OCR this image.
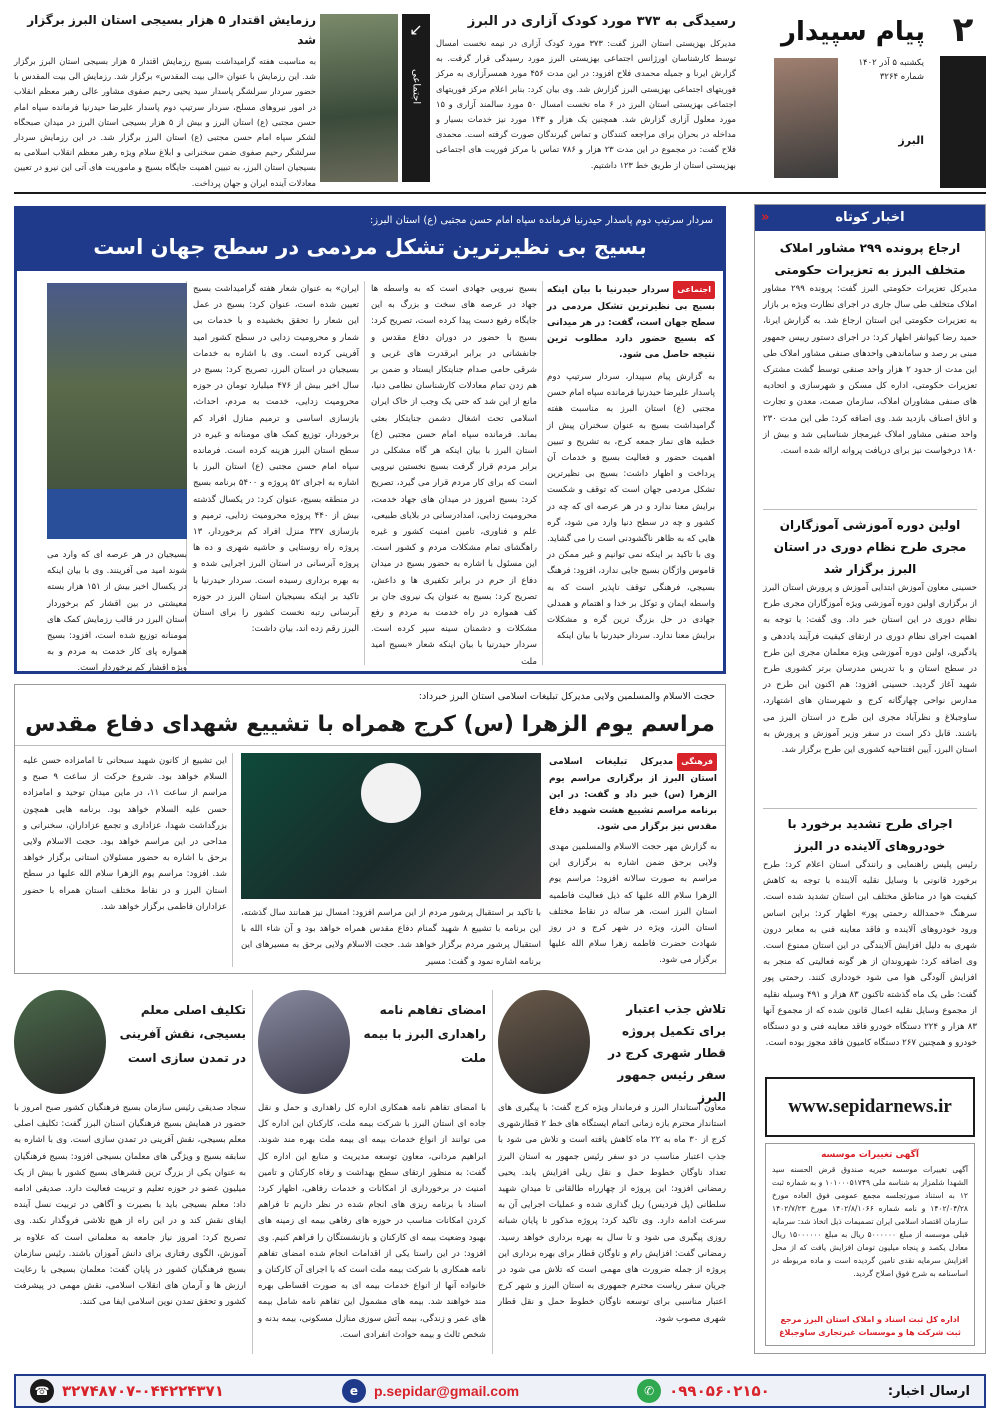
۲
پیام سپیدار
یکشنبه ۵ آذر ۱۴۰۲
شماره ۳۲۶۴
البرز
↙
اجتماعی
رسیدگی به ۳۷۳ مورد کودک آزاری در البرز
مدیرکل بهزیستی استان البرز گفت: ۳۷۳ مورد کودک آزاری در نیمه نخست امسال توسط کارشناسان اورژانس اجتماعی بهزیستی البرز مورد رسیدگی قرار گرفت. به گزارش ایرنا و جمیله محمدی فلاح افزود: در این مدت ۴۵۶ مورد همسرآزاری به مرکز فوریتهای اجتماعی بهزیستی البرز گزارش شد. وی بیان کرد: بنابر اعلام مرکز فوریتهای اجتماعی بهزیستی استان البرز در ۶ ماه نخست امسال ۵۰ مورد سالمند آزاری و ۱۵ مورد معلول آزاری گزارش شد. همچنین یک هزار و ۱۴۳ مورد نیز خدمات بسیار و مداخله در بحران برای مراجعه کنندگان و تماس گیرندگان صورت گرفته است. محمدی فلاح گفت: در مجموع در این مدت ۲۳ هزار و ۷۸۶ تماس با مرکز فوریت های اجتماعی بهزیستی استان از طریق خط ۱۲۳ داشتیم.
رزمایش اقتدار ۵ هزار بسیجی استان البرز برگزار شد
به مناسبت هفته گرامیداشت بسیج رزمایش اقتدار ۵ هزار بسیجی استان البرز برگزار شد. این رزمایش با عنوان «الی بیت المقدس» برگزار شد. رزمایش الی بیت المقدس با حضور سردار سرلشگر پاسدار سید یحیی رحیم صفوی مشاور عالی رهبر معظم انقلاب در امور نیروهای مسلح، سردار سرتیپ دوم پاسدار علیرضا حیدرنیا فرمانده سپاه امام حسن مجتبی (ع) استان البرز و بیش از ۵ هزار بسیجی استان البرز در میدان صبحگاه لشکر سپاه امام حسن مجتبی (ع) استان البرز برگزار شد. در این رزمایش سردار سرلشگر رحیم صفوی ضمن سخنرانی و ابلاغ سلام ویژه رهبر معظم انقلاب اسلامی به بسیجیان استان البرز، به تبیین اهمیت جایگاه بسیج و ماموریت های آتی این نیرو در تعیین معادلات آینده ایران و جهان پرداخت.
اخبار کوتاه
«
ارجاع پرونده ۲۹۹ مشاور املاک متخلف البرز به تعزیرات حکومتی
مدیرکل تعزیرات حکومتی البرز گفت: پرونده ۲۹۹ مشاور املاک متخلف طی سال جاری در اجرای نظارت ویژه بر بازار به تعزیرات حکومتی این استان ارجاع شد. به گزارش ایرنا، حمید رضا کیوانفر اظهار کرد: در اجرای دستور رییس جمهور مبنی بر رصد و ساماندهی واحدهای صنفی مشاور املاک طی این مدت از حدود ۲ هزار واحد صنفی توسط گشت مشترک تعزیرات حکومتی، اداره کل مسکن و شهرسازی و اتحادیه های صنفی مشاوران املاک، سازمان صمت، معدن و تجارت و اتاق اصناف بازدید شد. وی اضافه کرد: طی این مدت ۲۳۰ واحد صنفی مشاور املاک غیرمجاز شناسایی شد و بیش از ۱۸۰ درخواست نیز برای دریافت پروانه ارائه شده است.
اولین دوره آموزشی آموزگاران مجری طرح نظام دوری در استان البرز برگزار شد
حسینی معاون آموزش ابتدایی آموزش و پرورش استان البرز از برگزاری اولین دوره آموزشی ویژه آموزگاران مجری طرح نظام دوری در این استان خبر داد. وی گفت: با توجه به اهمیت اجرای نظام دوری در ارتقای کیفیت فرآیند یاددهی و یادگیری، اولین دوره آموزشی ویژه معلمان مجری این طرح در سطح استان و با تدریس مدرسان برتر کشوری طرح شهید آغاز گردید. حسینی افزود: هم اکنون این طرح در مدارس نواحی چهارگانه کرج و شهرستان های اشتهارد، ساوجبلاغ و نظرآباد مجری این طرح در استان البرز می باشند. قابل ذکر است در سفر وزیر آموزش و پرورش به استان البرز، آیین افتتاحیه کشوری این طرح برگزار شد.
اجرای طرح تشدید برخورد با خودروهای آلاینده در البرز
رئیس پلیس راهنمایی و رانندگی استان اعلام کرد: طرح برخورد قانونی با وسایل نقلیه آلاینده با توجه به کاهش کیفیت هوا در مناطق مختلف این استان تشدید شده است. سرهنگ «حمدالله رحمتی پور» اظهار کرد: براین اساس ورود خودروهای آلاینده و فاقد معاینه فنی به معابر درون شهری به دلیل افزایش آلایندگی در این استان ممنوع است. وی اضافه کرد: شهروندان از هر گونه فعالیتی که منجر به افزایش آلودگی هوا می شود خودداری کنند. رحمتی پور گفت: طی یک ماه گذشته تاکنون ۸۳ هزار و ۴۹۱ وسیله نقلیه از مجموع وسایل نقلیه اعمال قانون شده که از مجموع آنها ۸۳ هزار و ۲۲۴ دستگاه خودرو فاقد معاینه فنی و دو دستگاه خودرو و همچنین ۲۶۷ دستگاه کامیون فاقد مجوز بوده است.
www.sepidarnews.ir
آگهی تغییرات موسسه
آگهی تغییرات موسسه خیریه صندوق قرض الحسنه سید الشهدا شلمزار به شناسه ملی ۱۰۱۰۰۰۵۱۷۴۹ و به شماره ثبت ۱۲ به استناد صورتجلسه مجمع عمومی فوق العاده مورخ ۱۴۰۲/۰۴/۲۸ و نامه شماره ۱۴۰۲/۸/۱۰۶۶ مورخ ۱۴۰۲/۷/۲۳ سازمان اقتصاد اسلامی ایران تصمیمات ذیل اتخاذ شد: سرمایه قبلی موسسه از مبلغ ۵۰۰۰۰۰۰ ریال به مبلغ ۱۵۰۰۰۰۰۰ ریال معادل یکصد و پنجاه میلیون تومان افزایش یافت که از محل افزایش سرمایه نقدی تامین گردیده است و ماده مربوطه در اساسنامه به شرح فوق اصلاح گردید.
اداره کل ثبت اسناد و املاک استان البرز مرجع ثبت شرکت ها و موسسات غیرتجاری ساوجبلاغ
سردار سرتیپ دوم پاسدار حیدرنیا فرمانده سپاه امام حسن مجتبی (ع) استان البرز:
بسیج بی نظیرترین تشکل مردمی در سطح جهان است
اجتماعیسردار حیدرنیا با بیان اینکه بسیج بی نظیرترین تشکل مردمی در سطح جهان است، گفت: در هر میدانی که بسیج حضور دارد مطلوب ترین نتیجه حاصل می شود.
به گزارش پیام سپیدار، سردار سرتیپ دوم پاسدار علیرضا حیدرنیا فرمانده سپاه امام حسن مجتبی (ع) استان البرز به مناسبت هفته گرامیداشت بسیج به عنوان سخنران پیش از خطبه های نماز جمعه کرج، به تشریح و تبیین اهمیت حضور و فعالیت بسیج و خدمات آن پرداخت و اظهار داشت: بسیج بی نظیرترین تشکل مردمی جهان است که توقف و شکست برایش معنا ندارد و در هر عرصه ای که چه در کشور و چه در سطح دنیا وارد می شود، گره هایی که به ظاهر ناگشودنی است را می گشاید. وی با تاکید بر اینکه نمی توانیم و غیر ممکن در قاموس واژگان بسیج جایی ندارد، افزود: فرهنگ بسیجی، فرهنگی توقف ناپذیر است که به واسطه ایمان و توکل بر خدا و اهتمام و همدلی جهادی در حل بزرگ ترین گره و مشکلات برایش معنا ندارد. سردار حیدرنیا با بیان اینکه
بسیج نیرویی جهادی است که به واسطه ها جهاد در عرصه های سخت و بزرگ به این جایگاه رفیع دست پیدا کرده است، تصریح کرد: بسیج با حضور در دوران دفاع مقدس و جانفشانی در برابر ابرقدرت های غربی و شرقی حامی صدام جنایتکار ایستاد و ضمن بر هم زدن تمام معادلات کارشناسان نظامی دنیا، مانع از این شد که حتی یک وجب از خاک ایران اسلامی تحت اشغال دشمن جنایتکار بعثی بماند. فرمانده سپاه امام حسن مجتبی (ع) استان البرز با بیان اینکه هر گاه مشکلی در برابر مردم قرار گرفت بسیج نخستین نیرویی است که برای کار مردم قرار می گیرد، تصریح کرد: بسیج امروز در میدان های جهاد خدمت، محرومیت زدایی، امدادرسانی در بلایای طبیعی، علم و فناوری، تامین امنیت کشور و غیره راهگشای تمام مشکلات مردم و کشور است. این مسئول با اشاره به حضور بسیج در میدان دفاع از حرم در برابر تکفیری ها و داعش، تصریح کرد: بسیج به عنوان یک نیروی جان بر کف همواره در راه خدمت به مردم و رفع مشکلات و دشمنان سینه سپر کرده است. سردار حیدرنیا با بیان اینکه شعار «بسیج امید ملت
ایران» به عنوان شعار هفته گرامیداشت بسیج تعیین شده است، عنوان کرد: بسیج در عمل این شعار را تحقق بخشیده و با خدمات بی شمار و محرومیت زدایی در سطح کشور امید آفرینی کرده است. وی با اشاره به خدمات بسیجیان در استان البرز، تصریح کرد: بسیج در سال اخیر بیش از ۴۷۶ میلیارد تومان در حوزه محرومیت زدایی، خدمت به مردم، احداث، بازسازی اساسی و ترمیم منازل افراد کم برخوردار، توزیع کمک های مومنانه و غیره در سطح استان البرز هزینه کرده است. فرمانده سپاه امام حسن مجتبی (ع) استان البرز با اشاره به اجرای ۵۲ پروژه و ۵۴۰۰ برنامه بسیج در منطقه بسیج، عنوان کرد: در یکسال گذشته بیش از ۴۴۰ پروژه محرومیت زدایی، ترمیم و بازسازی ۳۳۷ منزل افراد کم برخوردار، ۱۳ پروژه راه روستایی و حاشیه شهری و ده ها پروژه آبرسانی در استان البرز اجرایی شده و به بهره برداری رسیده است. سردار حیدرنیا با تاکید بر اینکه بسیجیان استان البرز در حوزه آبرسانی رتبه نخست کشور را برای استان البرز رقم زده اند، بیان داشت:
بسیجیان در هر عرصه ای که وارد می شوند امید می آفرینند. وی با بیان اینکه در یکسال اخیر بیش از ۱۵۱ هزار بسته معیشتی در بین اقشار کم برخوردار استان البرز در قالب رزمایش کمک های مومنانه توزیع شده است، افزود: بسیج همواره پای کار خدمت به مردم و به ویژه اقشار کم برخوردار است.
حجت الاسلام والمسلمین ولایی مدیرکل تبلیغات اسلامی استان البرز خبرداد:
مراسم یوم الزهرا (س) کرج همراه با تشییع شهدای دفاع مقدس
فرهنگیمدیرکل تبلیغات اسلامی استان البرز از برگزاری مراسم یوم الزهرا (س) خبر داد و گفت: در این برنامه مراسم تشییع هشت شهید دفاع مقدس نیز برگزار می شود.
به گزارش مهر حجت الاسلام والمسلمین مهدی ولایی برحق ضمن اشاره به برگزاری این مراسم به صورت سالانه افزود: مراسم یوم الزهرا سلام الله علیها که ذیل فعالیت فاطمیه استان البرز است، هر ساله در نقاط مختلف استان البرز، ویژه در شهر کرج و در روز شهادت حضرت فاطمه زهرا سلام الله علیها برگزار می شود.
با تاکید بر استقبال پرشور مردم از این مراسم افزود: امسال نیز همانند سال گذشته، این برنامه با تشییع ۸ شهید گمنام دفاع مقدس همراه خواهد بود و آن شاء الله با استقبال پرشور مردم برگزار خواهد شد. حجت الاسلام ولایی برحق به مسیرهای این برنامه اشاره نمود و گفت: مسیر
این تشییع از کانون شهید سبحانی تا امامزاده حسن علیه السلام خواهد بود. شروع حرکت از ساعت ۹ صبح و مراسم از ساعت ۱۱، در ماین میدان توحید و امامزاده حسن علیه السلام خواهد بود. برنامه هایی همچون بزرگداشت شهدا، عزاداری و تجمع عزاداران، سخنرانی و مداحی در این مراسم خواهد بود. حجت الاسلام ولایی برحق با اشاره به حضور مسئولان استانی برگزار خواهد شد. افزود: مراسم یوم الزهرا سلام الله علیها در سطح استان البرز و در نقاط مختلف استان همراه با حضور عزاداران فاطمی برگزار خواهد شد.
تلاش جذب اعتبار برای تکمیل پروژه قطار شهری کرج در سفر رئیس جمهور البرز
معاون استاندار البرز و فرماندار ویژه کرج گفت: با پیگیری های استاندار محترم بازه زمانی اتمام ایستگاه های خط ۲ قطارشهری کرج از ۳۰ ماه به ۲۲ ماه کاهش یافته است و تلاش می شود با جذب اعتبار مناسب در دو سفر رئیس جمهور به استان البرز تعداد ناوگان خطوط حمل و نقل ریلی افزایش یابد. یحیی رمضانی افزود: این پروژه از چهارراه طالقانی تا میدان شهید سلطانی (پل فردیس) ریل گذاری شده و عملیات اجرایی آن به سرعت ادامه دارد. وی تاکید کرد: پروژه مذکور تا پایان شبانه روزی پیگیری می شود و تا سال به بهره برداری خواهد رسید. رمضانی گفت: افزایش رام و ناوگان قطار برای بهره برداری این پروژه از جمله ضرورت های مهمی است که تلاش می شود در جریان سفر ریاست محترم جمهوری به استان البرز و شهر کرج اعتبار مناسبی برای توسعه ناوگان خطوط حمل و نقل قطار شهری مصوب شود.
امضای تفاهم نامه راهداری البرز با بیمه ملت
با امضای تفاهم نامه همکاری اداره کل راهداری و حمل و نقل جاده ای استان البرز با شرکت بیمه ملت، کارکنان این اداره کل می توانند از انواع خدمات بیمه ای بیمه ملت بهره مند شوند. ابراهیم مردانی، معاون توسعه مدیریت و منابع این اداره کل گفت: به منظور ارتقای سطح بهداشت و رفاه کارکنان و تامین امنیت در برخورداری از امکانات و خدمات رفاهی، اظهار کرد: اسناد با برنامه ریزی های انجام شده در نظر داریم تا فراهم کردن امکانات مناسب در حوزه های رفاهی بیمه ای زمینه های بهبود وضعیت بیمه ای کارکنان و بازنشستگان را فراهم کنیم. وی افزود: در این راستا یکی از اقدامات انجام شده امضای تفاهم نامه همکاری با شرکت بیمه ملت است که با اجرای آن کارکنان و خانواده آنها از انواع خدمات بیمه ای به صورت اقساطی بهره مند خواهند شد. بیمه های مشمول این تفاهم نامه شامل بیمه های عمر و زندگی، بیمه آتش سوزی منازل مسکونی، بیمه بدنه و شخص ثالث و بیمه حوادث انفرادی است.
تکلیف اصلی معلم بسیجی، نقش آفرینی در تمدن سازی است
سجاد صدیقی رئیس سازمان بسیج فرهنگیان کشور صبح امروز با حضور در همایش بسیج فرهنگیان استان البرز گفت: تکلیف اصلی معلم بسیجی، نقش آفرینی در تمدن سازی است. وی با اشاره به سابقه بسیج و ویژگی های معلمان بسیجی افزود: بسیج فرهنگیان به عنوان یکی از بزرگ ترین قشرهای بسیج کشور با بیش از یک میلیون عضو در حوزه تعلیم و تربیت فعالیت دارد. صدیقی ادامه داد: معلم بسیجی باید با بصیرت و آگاهی در تربیت نسل آینده ایفای نقش کند و در این راه از هیچ تلاشی فروگذار نکند. وی تصریح کرد: امروز نیاز جامعه به معلمانی است که علاوه بر آموزش، الگوی رفتاری برای دانش آموزان باشند. رئیس سازمان بسیج فرهنگیان کشور در پایان گفت: معلمان بسیجی با رعایت ارزش ها و آرمان های انقلاب اسلامی، نقش مهمی در پیشرفت کشور و تحقق تمدن نوین اسلامی ایفا می کنند.
ارسال اخبار:
۰۹۹۰۵۶۰۲۱۵۰
✆
p.sepidar@gmail.com
e
۳۲۷۴۸۷۰۷-۰۴۴۲۲۴۳۷۱
☎
